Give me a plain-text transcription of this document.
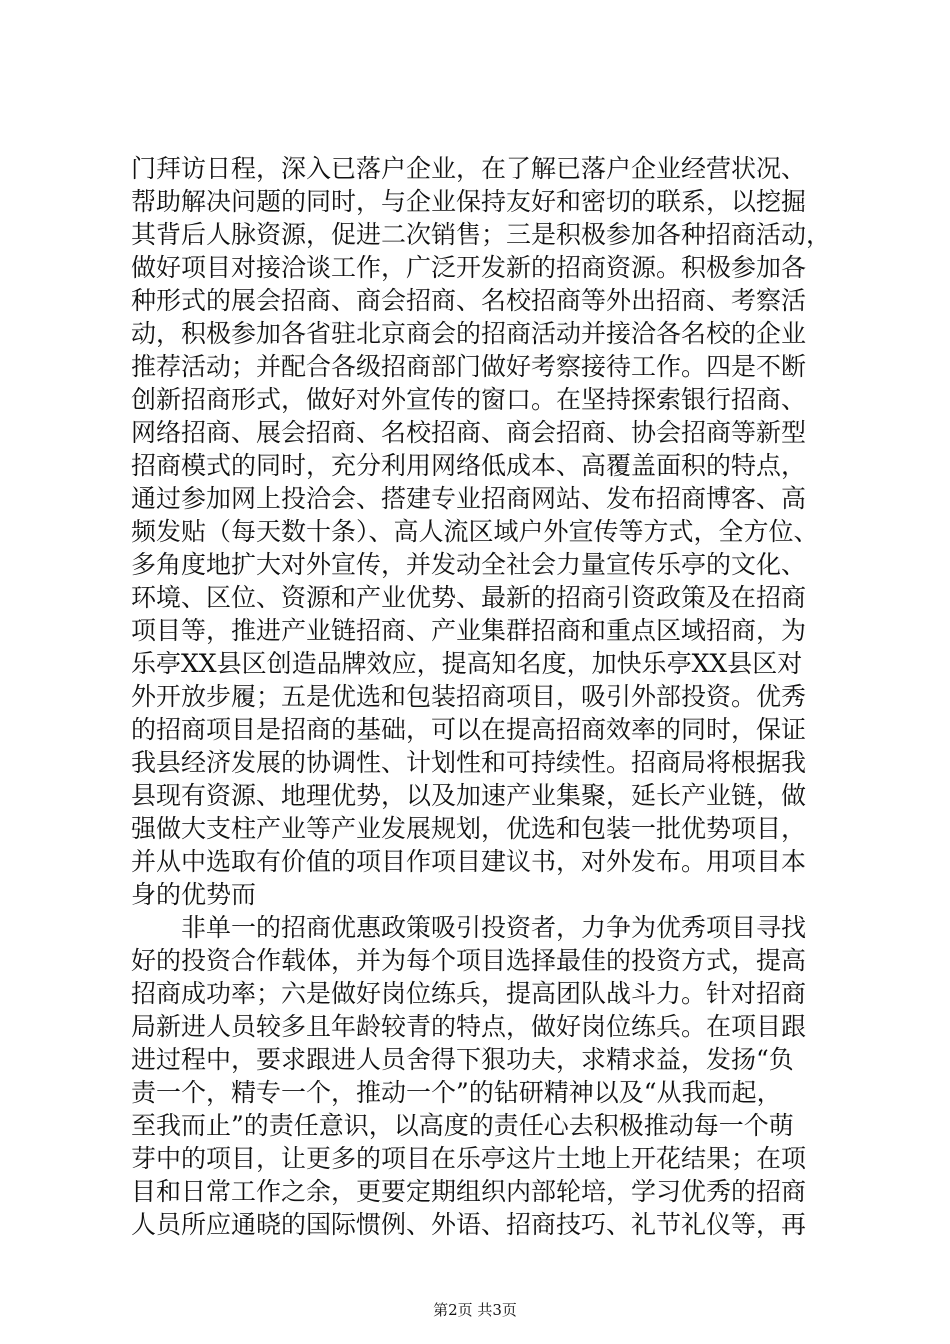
门拜访日程，深入已落户企业，在了解已落户企业经营状况、
帮助解决问题的同时，与企业保持友好和密切的联系，以挖掘
其背后人脉资源，促进二次销售；三是积极参加各种招商活动，
做好项目对接洽谈工作，广泛开发新的招商资源。积极参加各
种形式的展会招商、商会招商、名校招商等外出招商、考察活
动，积极参加各省驻北京商会的招商活动并接洽各名校的企业
推荐活动；并配合各级招商部门做好考察接待工作。四是不断
创新招商形式，做好对外宣传的窗口。在坚持探索银行招商、
网络招商、展会招商、名校招商、商会招商、协会招商等新型
招商模式的同时，充分利用网络低成本、高覆盖面积的特点，
通过参加网上投洽会、搭建专业招商网站、发布招商博客、高
频发贴（每天数十条）、高人流区域户外宣传等方式，全方位、
多角度地扩大对外宣传，并发动全社会力量宣传乐亭的文化、
环境、区位、资源和产业优势、最新的招商引资政策及在招商
项目等，推进产业链招商、产业集群招商和重点区域招商，为
乐亭XX县区创造品牌效应，提高知名度，加快乐亭XX县区对
外开放步履；五是优选和包装招商项目，吸引外部投资。优秀
的招商项目是招商的基础，可以在提高招商效率的同时，保证
我县经济发展的协调性、计划性和可持续性。招商局将根据我
县现有资源、地理优势，以及加速产业集聚，延长产业链，做
强做大支柱产业等产业发展规划，优选和包装一批优势项目，
并从中选取有价值的项目作项目建议书，对外发布。用项目本
身的优势而
非单一的招商优惠政策吸引投资者，力争为优秀项目寻找
好的投资合作载体，并为每个项目选择最佳的投资方式，提高
招商成功率；六是做好岗位练兵，提高团队战斗力。针对招商
局新进人员较多且年龄较青的特点，做好岗位练兵。在项目跟
进过程中，要求跟进人员舍得下狠功夫，求精求益，发扬“负
责一个，精专一个，推动一个”的钻研精神以及“从我而起，
至我而止”的责任意识，以高度的责任心去积极推动每一个萌
芽中的项目，让更多的项目在乐亭这片土地上开花结果；在项
目和日常工作之余，更要定期组织内部轮培，学习优秀的招商
人员所应通晓的国际惯例、外语、招商技巧、礼节礼仪等，再
第2页 共3页
